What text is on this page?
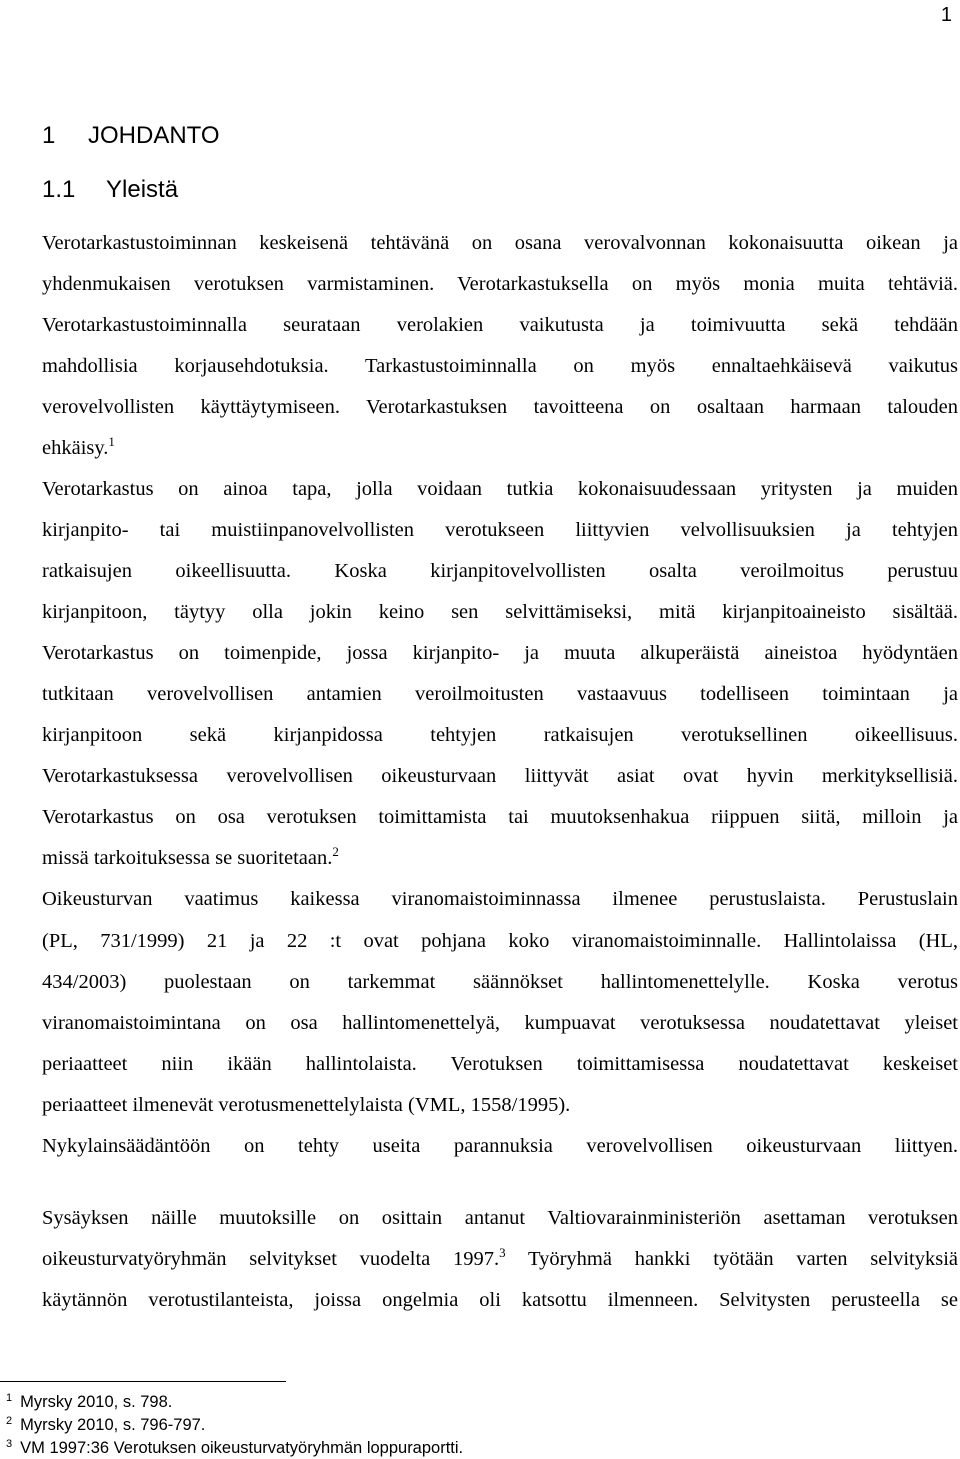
1
1 JOHDANTO
1.1 Yleistä
Verotarkastustoiminnan keskeisenä tehtävänä on osana verovalvonnan kokonaisuutta oikean ja
yhdenmukaisen verotuksen varmistaminen. Verotarkastuksella on myös monia muita tehtäviä.
Verotarkastustoiminnalla seurataan verolakien vaikutusta ja toimivuutta sekä tehdään
mahdollisia korjausehdotuksia. Tarkastustoiminnalla on myös ennaltaehkäisevä vaikutus
verovelvollisten käyttäytymiseen. Verotarkastuksen tavoitteena on osaltaan harmaan talouden
ehkäisy.$^1$
Verotarkastus on ainoa tapa, jolla voidaan tutkia kokonaisuudessaan yritysten ja muiden
kirjanpito- tai muistiinpanovelvollisten verotukseen liittyvien velvollisuuksien ja tehtyjen
ratkaisujen oikeellisuutta. Koska kirjanpitovelvollisten osalta veroilmoitus perustuu
kirjanpitoon, täytyy olla jokin keino sen selvittämiseksi, mitä kirjanpitoaineisto sisältää.
Verotarkastus on toimenpide, jossa kirjanpito- ja muuta alkuperäistä aineistoa hyödyntäen
tutkitaan verovelvollisen antamien veroilmoitusten vastaavuus todelliseen toimintaan ja
kirjanpitoon sekä kirjanpidossa tehtyjen ratkaisujen verotuksellinen oikeellisuus.
Verotarkastuksessa verovelvollisen oikeusturvaan liittyvät asiat ovat hyvin merkityksellisiä.
Verotarkastus on osa verotuksen toimittamista tai muutoksenhakua riippuen siitä, milloin ja
missä tarkoituksessa se suoritetaan.$^2$
Oikeusturvan vaatimus kaikessa viranomaistoiminnassa ilmenee perustuslaista. Perustuslain
(PL, 731/1999) 21 ja 22 :t ovat pohjana koko viranomaistoiminnalle. Hallintolaissa (HL,
434/2003) puolestaan on tarkemmat säännökset hallintomenettelylle. Koska verotus
viranomaistoimintana on osa hallintomenettelyä, kumpuavat verotuksessa noudatettavat yleiset
periaatteet niin ikään hallintolaista. Verotuksen toimittamisessa noudatettavat keskeiset
periaatteet ilmenevät verotusmenettelylaista (VML, 1558/1995).
Nykylainsäädäntöön on tehty useita parannuksia verovelvollisen oikeusturvaan liittyen.
Sysäyksen näille muutoksille on osittain antanut Valtiovarainministeriön asettaman verotuksen
oikeusturvatyöryhmän selvitykset vuodelta 1997.$^3$ Työryhmä hankki työtään varten selvityksiä
käytännön verotustilanteista, joissa ongelmia oli katsottu ilmenneen. Selvitysten perusteella se
$^1$ Myrsky 2010, s. 798.
$^2$ Myrsky 2010, s. 796-797.
$^3$ VM 1997:36 Verotuksen oikeusturvatyöryhmän loppuraportti.
